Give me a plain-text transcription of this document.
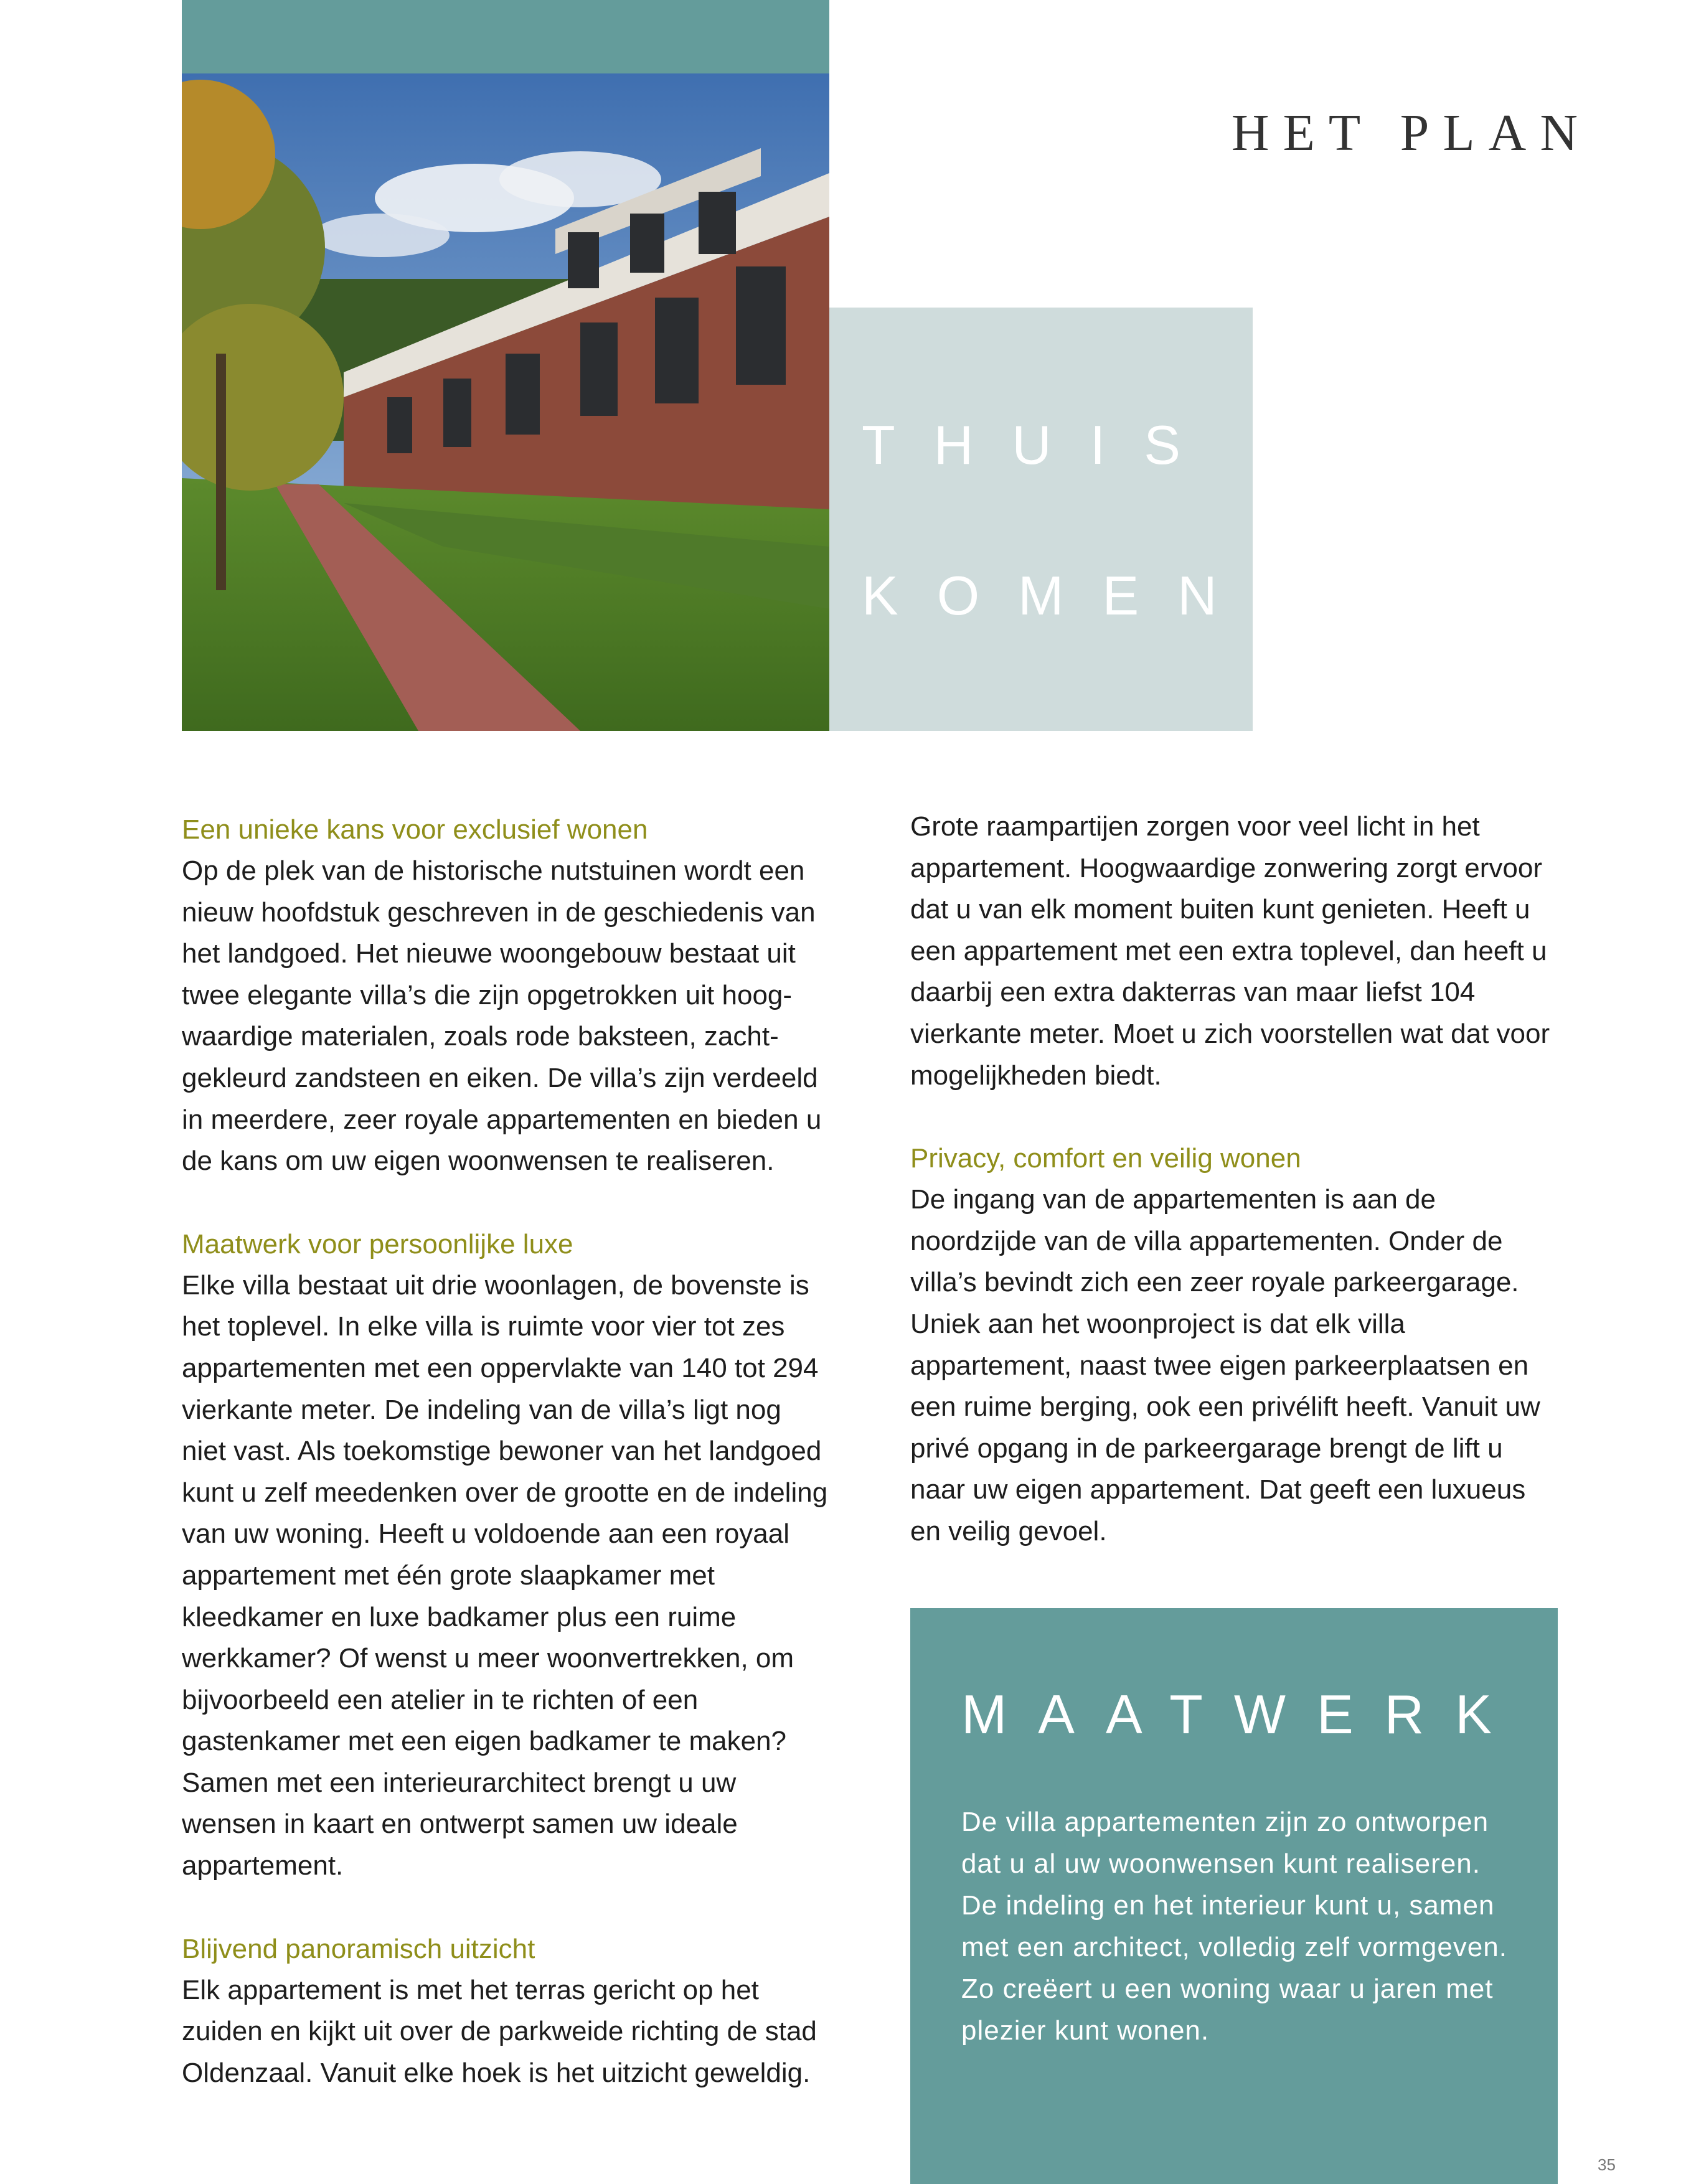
HET PLAN

THUIS

KOMEN

Een unieke kans voor exclusief wonen

Op de plek van de historische nutstuinen wordt een nieuw hoofdstuk geschreven in de geschiedenis van het landgoed. Het nieuwe woongebouw bestaat uit twee elegante villa’s die zijn opgetrokken uit hoogwaardige materialen, zoals rode baksteen, zachtgekleurd zandsteen en eiken. De villa’s zijn verdeeld in meerdere, zeer royale appartementen en bieden u de kans om uw eigen woonwensen te realiseren.

Maatwerk voor persoonlijke luxe

Elke villa bestaat uit drie woonlagen, de bovenste is het toplevel. In elke villa is ruimte voor vier tot zes appartementen met een oppervlakte van 140 tot 294 vierkante meter. De indeling van de villa’s ligt nog niet vast. Als toekomstige bewoner van het landgoed kunt u zelf meedenken over de grootte en de indeling van uw woning. Heeft u voldoende aan een royaal appartement met één grote slaapkamer met kleedkamer en luxe badkamer plus een ruime werkkamer? Of wenst u meer woonvertrekken, om bijvoorbeeld een atelier in te richten of een gastenkamer met een eigen badkamer te maken? Samen met een interieurarchitect brengt u uw wensen in kaart en ontwerpt samen uw ideale appartement.

Blijvend panoramisch uitzicht

Elk appartement is met het terras gericht op het zuiden en kijkt uit over de parkweide richting de stad Oldenzaal. Vanuit elke hoek is het uitzicht geweldig.

Grote raampartijen zorgen voor veel licht in het appartement. Hoogwaardige zonwering zorgt ervoor dat u van elk moment buiten kunt genieten. Heeft u een appartement met een extra toplevel, dan heeft u daarbij een extra dakterras van maar liefst 104 vierkante meter. Moet u zich voorstellen wat dat voor mogelijkheden biedt.

Privacy, comfort en veilig wonen

De ingang van de appartementen is aan de noordzijde van de villa appartementen. Onder de villa’s bevindt zich een zeer royale parkeergarage. Uniek aan het woonproject is dat elk villa appartement, naast twee eigen parkeerplaatsen en een ruime berging, ook een privélift heeft. Vanuit uw privé opgang in de parkeergarage brengt de lift u naar uw eigen appartement. Dat geeft een luxueus en veilig gevoel.

MAATWERK

De villa appartementen zijn zo ontworpen dat u al uw woonwensen kunt realiseren. De indeling en het interieur kunt u, samen met een architect, volledig zelf vormgeven. Zo creëert u een woning waar u jaren met plezier kunt wonen.

35
